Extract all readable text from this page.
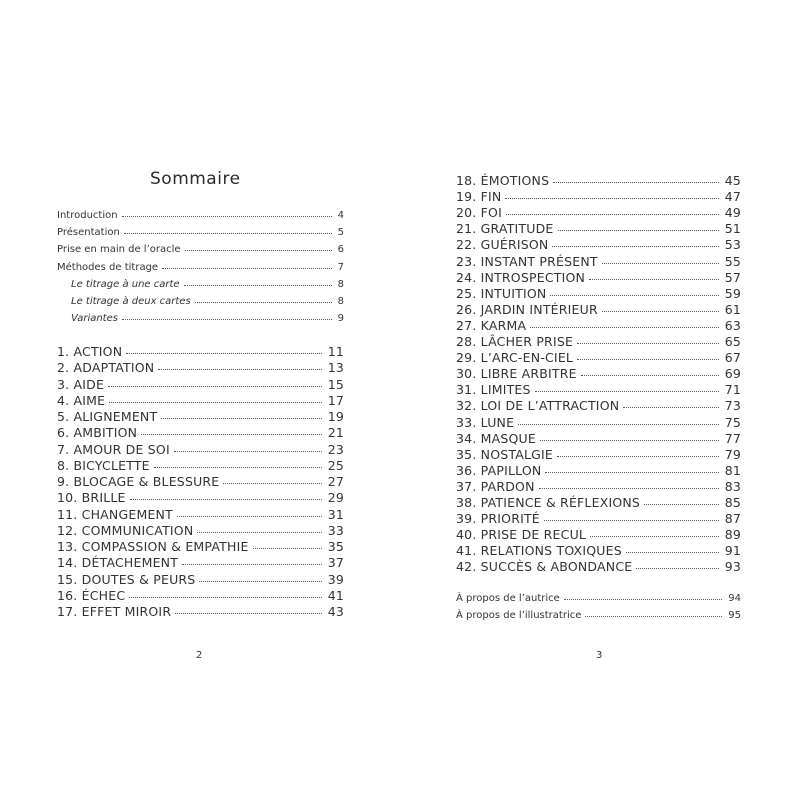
Sommaire
Introduction	4
Présentation	5
Prise en main de l’oracle	6
Méthodes de titrage	7
Le titrage à une carte	8
Le titrage à deux cartes	8
Variantes	9
1. ACTION	11
2. ADAPTATION	13
3. AIDE	15
4. AIME	17
5. ALIGNEMENT	19
6. AMBITION	21
7. AMOUR DE SOI	23
8. BICYCLETTE	25
9. BLOCAGE & BLESSURE	27
10. BRILLE	29
11. CHANGEMENT	31
12. COMMUNICATION	33
13. COMPASSION & EMPATHIE	35
14. DÉTACHEMENT	37
15. DOUTES & PEURS	39
16. ÉCHEC	41
17. EFFET MIROIR	43
2
18. ÉMOTIONS	45
19. FIN	47
20. FOI	49
21. GRATITUDE	51
22. GUÉRISON	53
23. INSTANT PRÉSENT	55
24. INTROSPECTION	57
25. INTUITION	59
26. JARDIN INTÉRIEUR	61
27. KARMA	63
28. LÂCHER PRISE	65
29. L’ARC-EN-CIEL	67
30. LIBRE ARBITRE	69
31. LIMITES	71
32. LOI DE L’ATTRACTION	73
33. LUNE	75
34. MASQUE	77
35. NOSTALGIE	79
36. PAPILLON	81
37. PARDON	83
38. PATIENCE & RÉFLEXIONS	85
39. PRIORITÉ	87
40. PRISE DE RECUL	89
41. RELATIONS TOXIQUES	91
42. SUCCÈS & ABONDANCE	93
À propos de l’autrice	94
À propos de l’illustratrice	95
3
